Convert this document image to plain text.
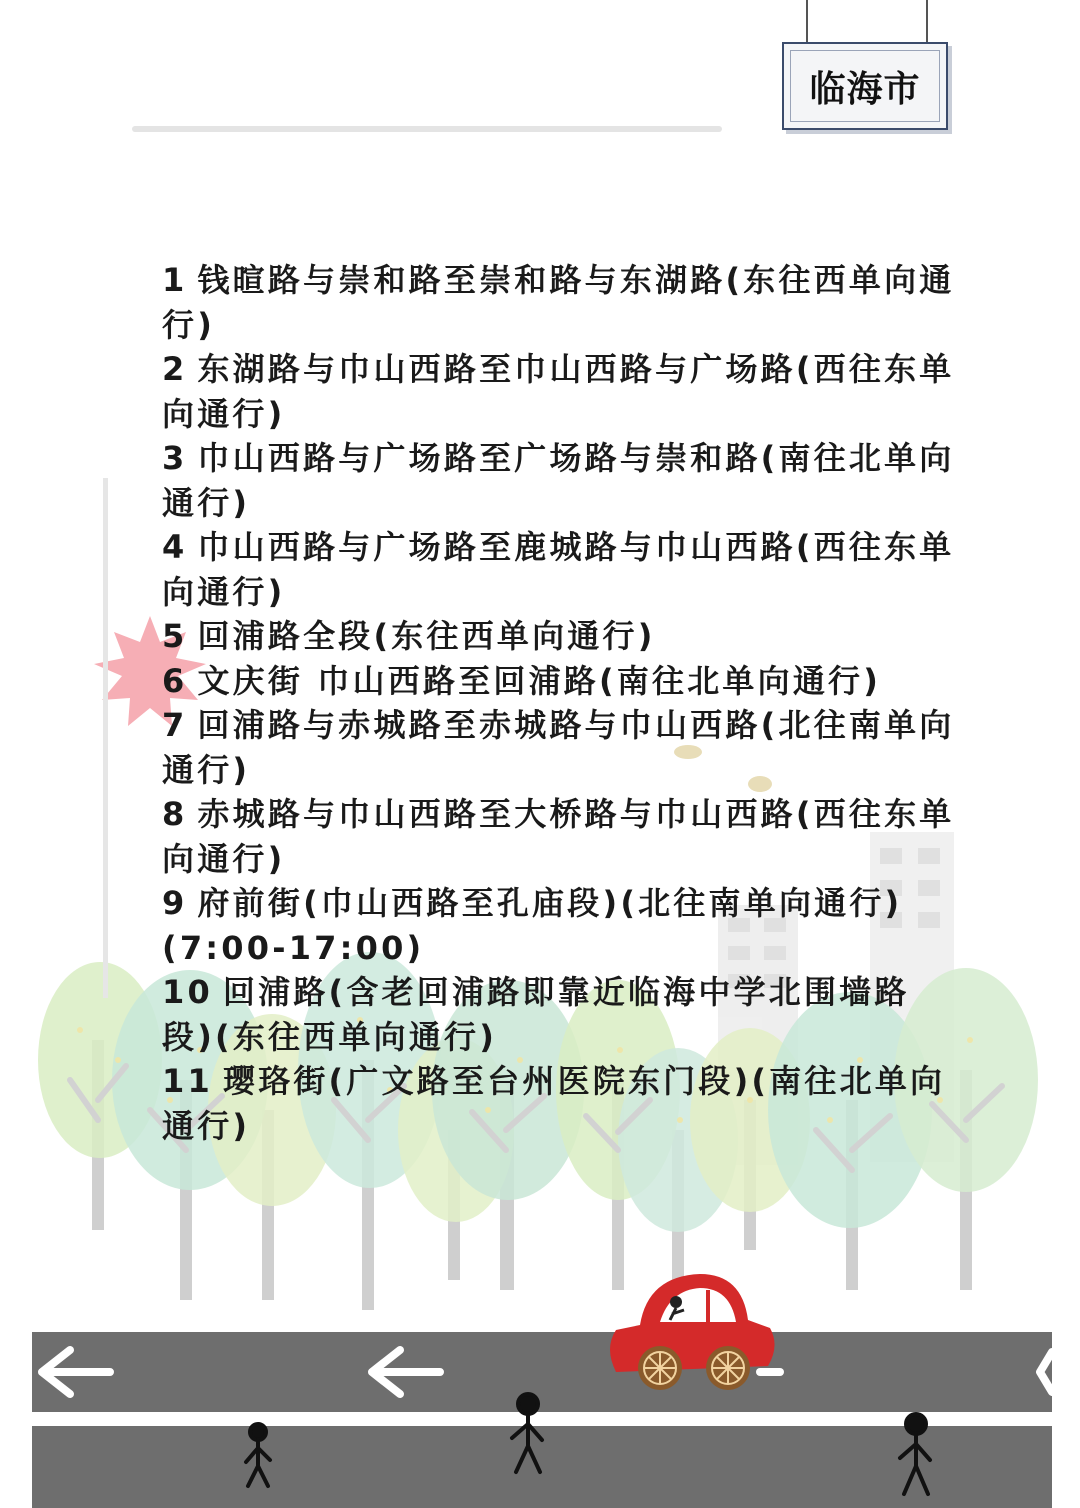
临海市
1 钱暄路与崇和路至崇和路与东湖路(东往西单向通行)
2 东湖路与巾山西路至巾山西路与广场路(西往东单向通行)
3 巾山西路与广场路至广场路与崇和路(南往北单向通行)
4 巾山西路与广场路至鹿城路与巾山西路(西往东单向通行)
5 回浦路全段(东往西单向通行)
6 文庆街 巾山西路至回浦路(南往北单向通行)
7 回浦路与赤城路至赤城路与巾山西路(北往南单向通行)
8 赤城路与巾山西路至大桥路与巾山西路(西往东单向通行)
9 府前街(巾山西路至孔庙段)(北往南单向通行)(7:00-17:00)
10 回浦路(含老回浦路即靠近临海中学北围墙路段)(东往西单向通行)
11 璎珞街(广文路至台州医院东门段)(南往北单向通行)
